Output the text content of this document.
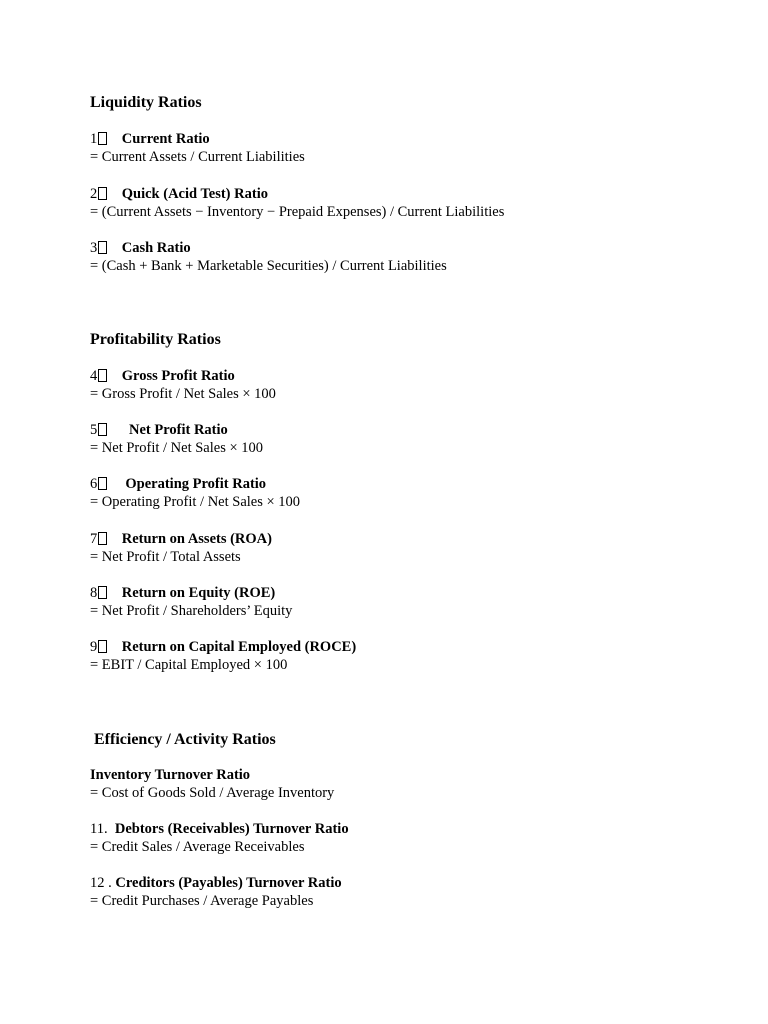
Liquidity Ratios
1 Current Ratio
= Current Assets / Current Liabilities
2 Quick (Acid Test) Ratio
= (Current Assets − Inventory − Prepaid Expenses) / Current Liabilities
3 Cash Ratio
= (Cash + Bank + Marketable Securities) / Current Liabilities
Profitability Ratios
4 Gross Profit Ratio
= Gross Profit / Net Sales × 100
5 Net Profit Ratio
= Net Profit / Net Sales × 100
6 Operating Profit Ratio
= Operating Profit / Net Sales × 100
7 Return on Assets (ROA)
= Net Profit / Total Assets
8 Return on Equity (ROE)
= Net Profit / Shareholders’ Equity
9 Return on Capital Employed (ROCE)
= EBIT / Capital Employed × 100
Efficiency / Activity Ratios
Inventory Turnover Ratio
= Cost of Goods Sold / Average Inventory
11. Debtors (Receivables) Turnover Ratio
= Credit Sales / Average Receivables
12 . Creditors (Payables) Turnover Ratio
= Credit Purchases / Average Payables
